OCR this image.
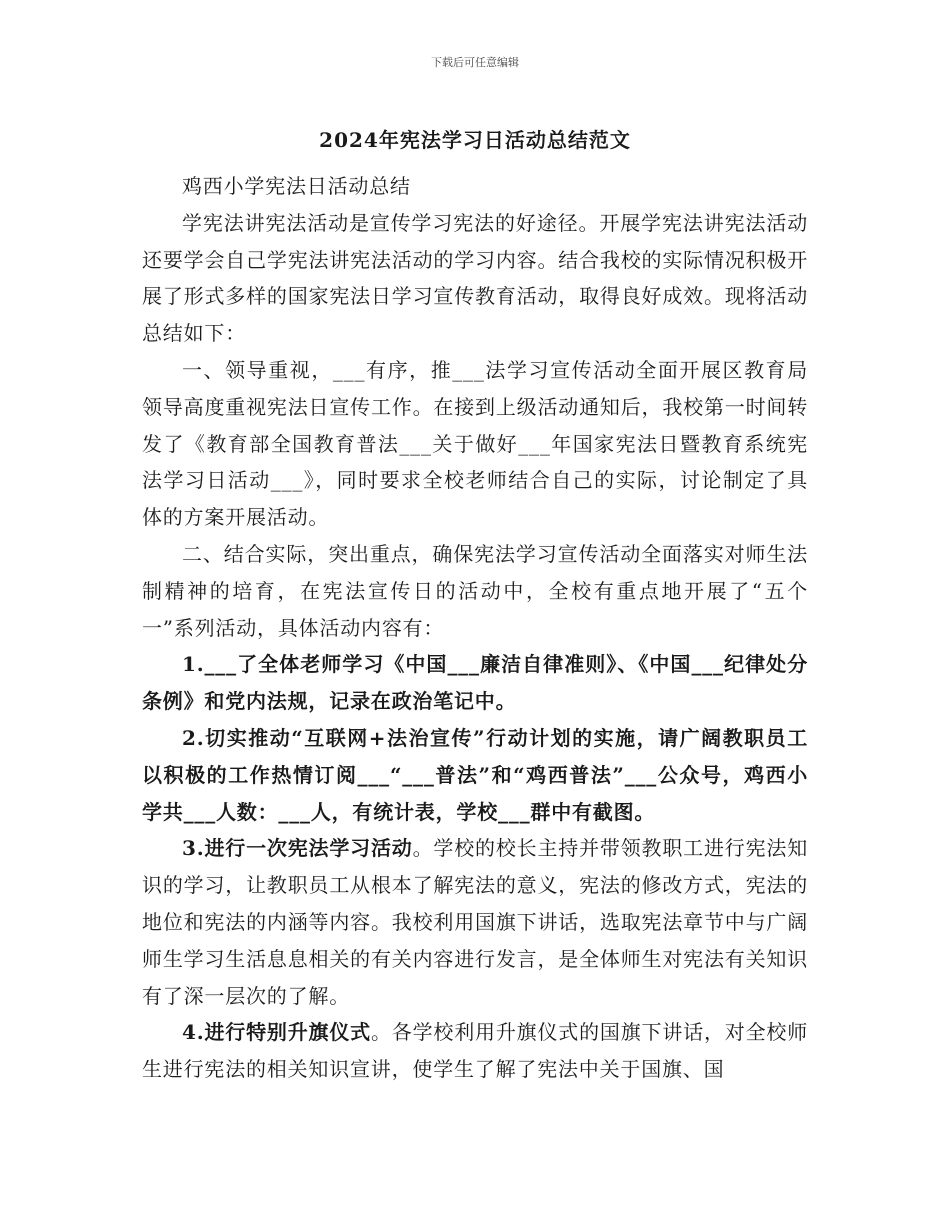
下载后可任意编辑
2024年宪法学习日活动总结范文

鸡西小学宪法日活动总结

学宪法讲宪法活动是宣传学习宪法的好途径。开展学宪法讲宪法活动还要学会自己学宪法讲宪法活动的学习内容。结合我校的实际情况积极开展了形式多样的国家宪法日学习宣传教育活动，取得良好成效。现将活动总结如下：

一、领导重视，___有序，推___法学习宣传活动全面开展区教育局领导高度重视宪法日宣传工作。在接到上级活动通知后，我校第一时间转发了《教育部全国教育普法___关于做好___年国家宪法日暨教育系统宪法学习日活动___》，同时要求全校老师结合自己的实际，讨论制定了具体的方案开展活动。

二、结合实际，突出重点，确保宪法学习宣传活动全面落实对师生法制精神的培育，在宪法宣传日的活动中，全校有重点地开展了“五个一”系列活动，具体活动内容有：

1.___了全体老师学习《中国___廉洁自律准则》、《中国___纪律处分条例》和党内法规，记录在政治笔记中。

2.切实推动“互联网+法治宣传”行动计划的实施，请广阔教职员工以积极的工作热情订阅___“___普法”和“鸡西普法”___公众号，鸡西小学共___人数：___人，有统计表，学校___群中有截图。

3.进行一次宪法学习活动。学校的校长主持并带领教职工进行宪法知识的学习，让教职员工从根本了解宪法的意义，宪法的修改方式，宪法的地位和宪法的内涵等内容。我校利用国旗下讲话，选取宪法章节中与广阔师生学习生活息息相关的有关内容进行发言，是全体师生对宪法有关知识有了深一层次的了解。

4.进行特别升旗仪式。各学校利用升旗仪式的国旗下讲话，对全校师生进行宪法的相关知识宣讲，使学生了解了宪法中关于国旗、国
